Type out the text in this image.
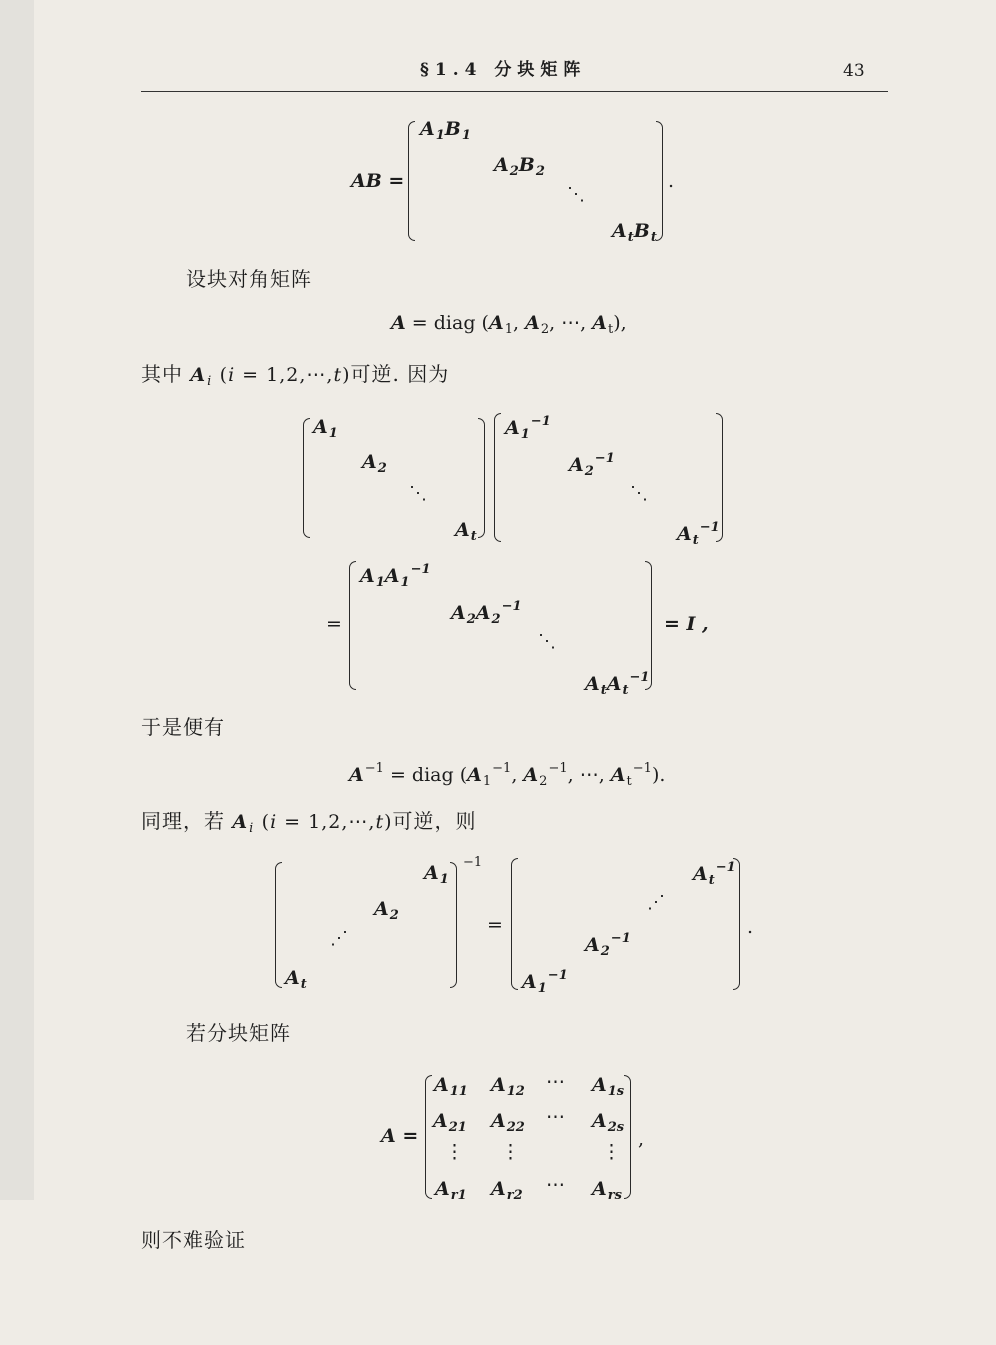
§1.4 分块矩阵	43
AB =
$A_1B_1$
$A_2B_2$
⋱
$A_tB_t$
.
设块对角矩阵
A = diag ($A_1$, $A_2$, ⋯, $A_t$),
其中 $A_i$ (i = 1,2,⋯,t)可逆. 因为
$A_1$
$A_2$
⋱
$A_t$
$A_1^{-1}$
$A_2^{-1}$
⋱
$A_t^{-1}$
=
$A_1A_1^{-1}$
$A_2A_2^{-1}$
⋱
$A_tA_t^{-1}$
= I ,
于是便有
$A^{-1}$ = diag ($A_1^{-1}$, $A_2^{-1}$, ⋯, $A_t^{-1}$).
同理，若 $A_i$ (i = 1,2,⋯,t)可逆，则
−1
$A_1$
$A_2$
⋰
$A_t$
=
$A_t^{-1}$
⋰
$A_2^{-1}$
$A_1^{-1}$
.
若分块矩阵
A =
$A_{11}$ $A_{12}$ ⋯ $A_{1s}$
$A_{21}$ $A_{22}$ ⋯ $A_{2s}$
⋮ ⋮	⋮
$A_{r1}$ $A_{r2}$ ⋯ $A_{rs}$
,
则不难验证
